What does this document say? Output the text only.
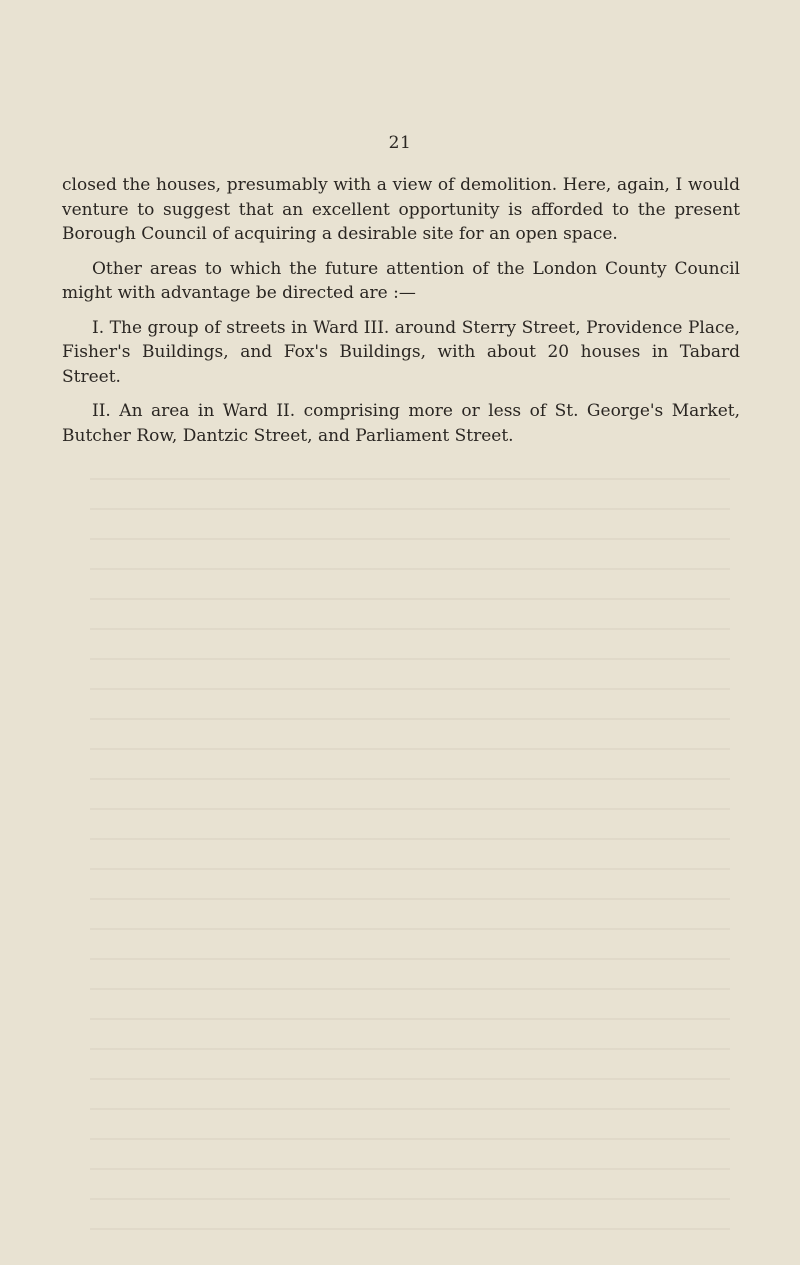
21

closed the houses, presumably with a view of demolition. Here, again, I would venture to suggest that an excellent opportunity is afforded to the present Borough Council of acquiring a desirable site for an open space.

Other areas to which the future attention of the London County Council might with advantage be directed are :—

I. The group of streets in Ward III. around Sterry Street, Providence Place, Fisher's Buildings, and Fox's Buildings, with about 20 houses in Tabard Street.

II. An area in Ward II. comprising more or less of St. George's Market, Butcher Row, Dantzic Street, and Parliament Street.
